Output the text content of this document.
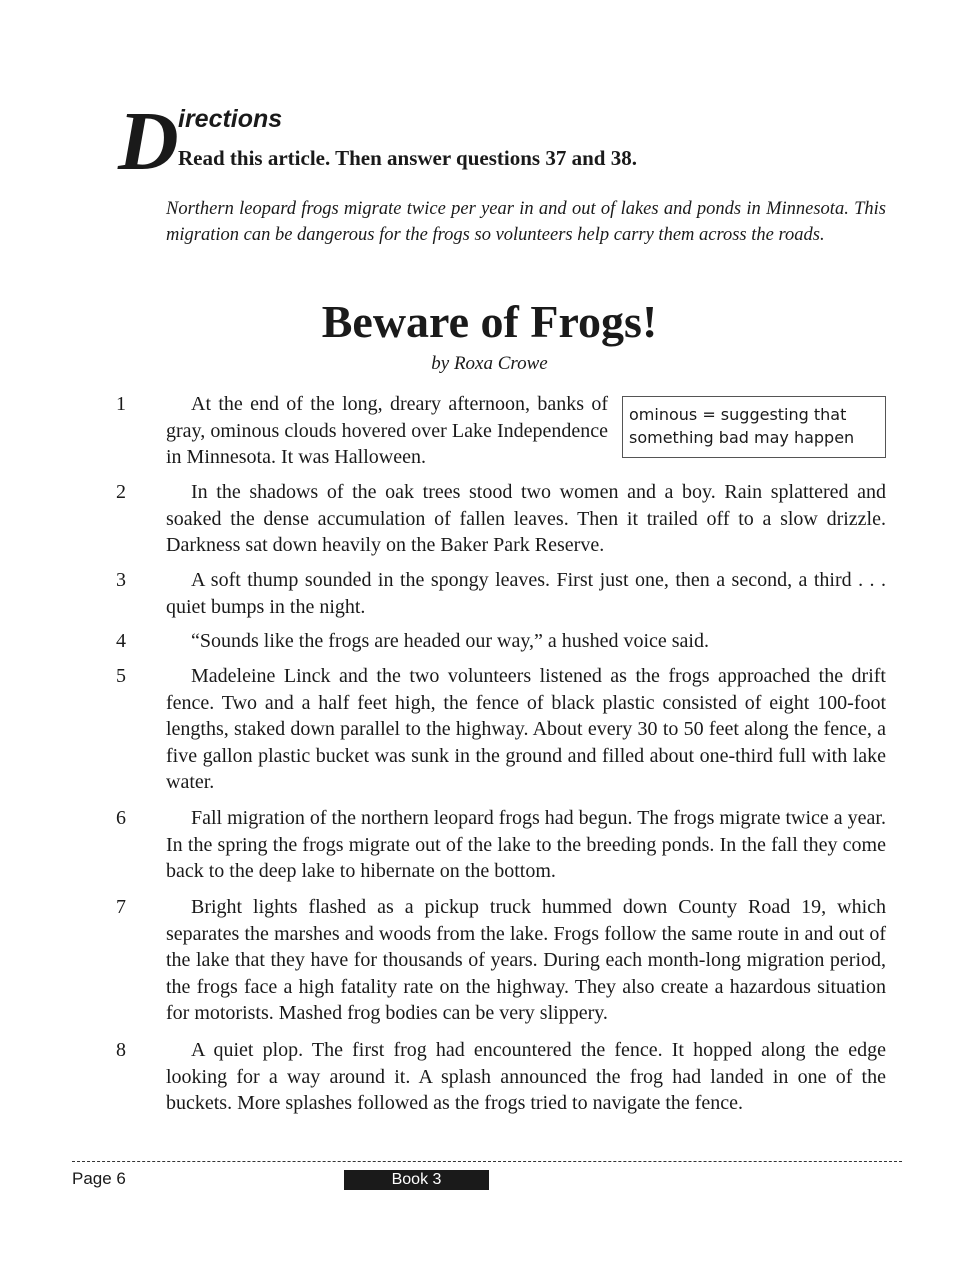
D irections
Read this article. Then answer questions 37 and 38.

Northern leopard frogs migrate twice per year in and out of lakes and ponds in Minnesota. This migration can be dangerous for the frogs so volunteers help carry them across the roads.

Beware of Frogs!
by Roxa Crowe
ominous = suggesting that
something bad may happen
1	At the end of the long, dreary afternoon, banks of gray, ominous clouds hovered over Lake Independence in Minnesota. It was Halloween.
2	In the shadows of the oak trees stood two women and a boy. Rain splattered and soaked the dense accumulation of fallen leaves. Then it trailed off to a slow drizzle. Darkness sat down heavily on the Baker Park Reserve.
3	A soft thump sounded in the spongy leaves. First just one, then a second, a third . . . quiet bumps in the night.
4	“Sounds like the frogs are headed our way,” a hushed voice said.
5	Madeleine Linck and the two volunteers listened as the frogs approached the drift fence. Two and a half feet high, the fence of black plastic consisted of eight 100-foot lengths, staked down parallel to the highway. About every 30 to 50 feet along the fence, a five gallon plastic bucket was sunk in the ground and filled about one-third full with lake water.
6	Fall migration of the northern leopard frogs had begun. The frogs migrate twice a year. In the spring the frogs migrate out of the lake to the breeding ponds. In the fall they come back to the deep lake to hibernate on the bottom.
7	Bright lights flashed as a pickup truck hummed down County Road 19, which separates the marshes and woods from the lake. Frogs follow the same route in and out of the lake that they have for thousands of years. During each month-long migration period, the frogs face a high fatality rate on the highway. They also create a hazardous situation for motorists. Mashed frog bodies can be very slippery.
8	A quiet plop. The first frog had encountered the fence. It hopped along the edge looking for a way around it. A splash announced the frog had landed in one of the buckets. More splashes followed as the frogs tried to navigate the fence.
Page 6	Book 3
